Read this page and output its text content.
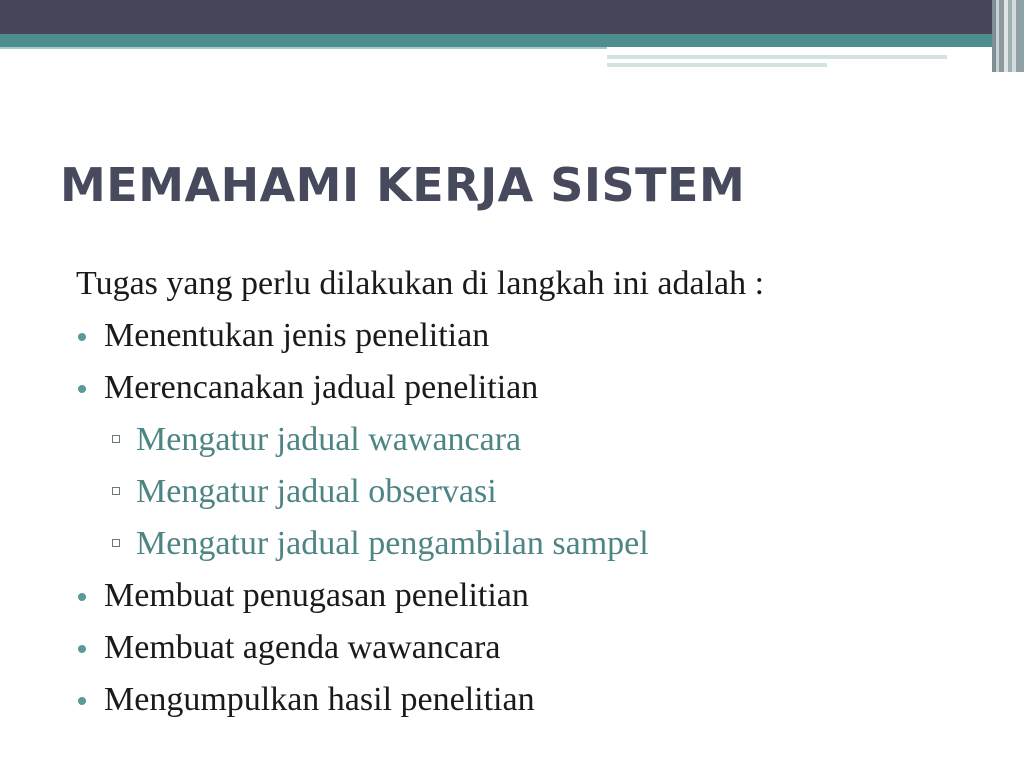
MEMAHAMI KERJA SISTEM
Tugas yang perlu dilakukan di langkah ini adalah :
Menentukan jenis penelitian
Merencanakan jadual penelitian
Mengatur jadual wawancara
Mengatur jadual observasi
Mengatur jadual pengambilan sampel
Membuat penugasan penelitian
Membuat agenda wawancara
Mengumpulkan hasil penelitian
